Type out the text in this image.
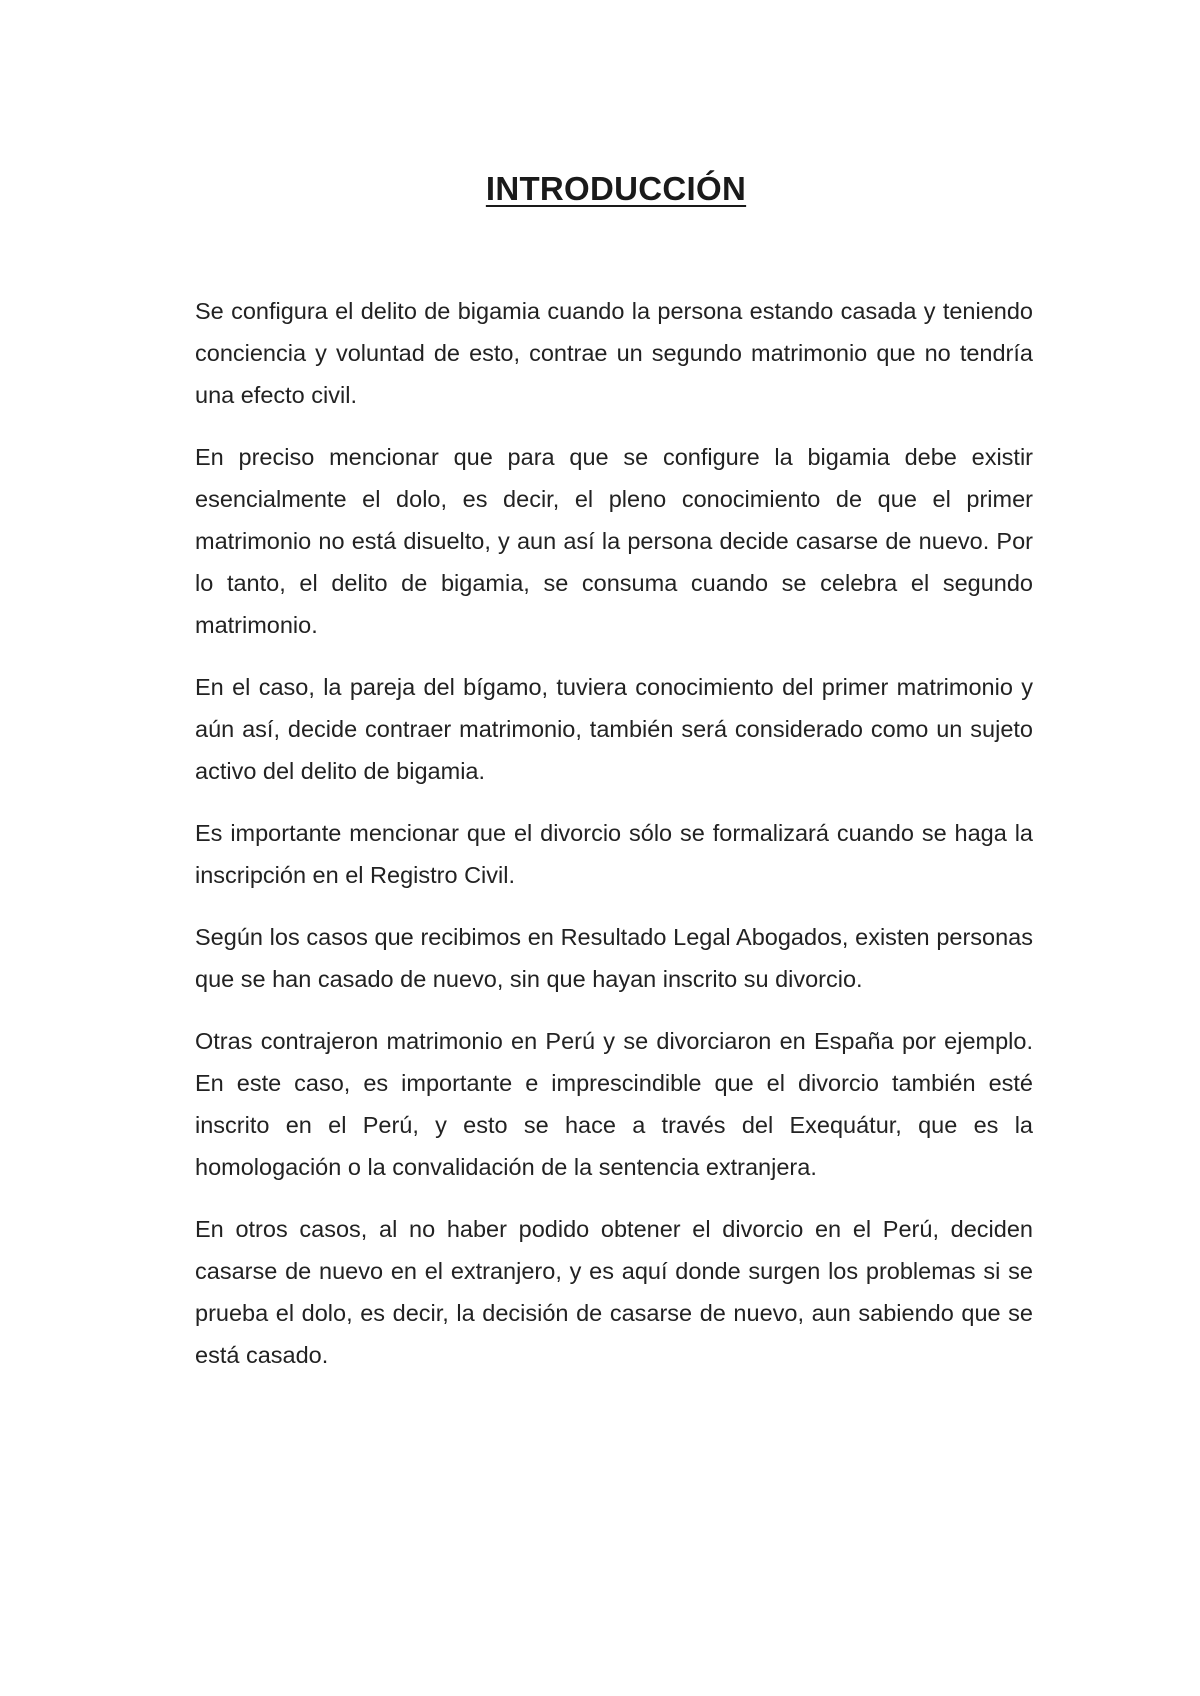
INTRODUCCIÓN

Se configura el delito de bigamia cuando la persona estando casada y teniendo conciencia y voluntad de esto, contrae un segundo matrimonio que no tendría una efecto civil.

En preciso mencionar que para que se configure la bigamia debe existir esencialmente el dolo, es decir, el pleno conocimiento de que el primer matrimonio no está disuelto, y aun así la persona decide casarse de nuevo. Por lo tanto, el delito de bigamia, se consuma cuando se celebra el segundo matrimonio.

En el caso, la pareja del bígamo, tuviera conocimiento del primer matrimonio y aún así, decide contraer matrimonio, también será considerado como un sujeto activo del delito de bigamia.

Es importante mencionar que el divorcio sólo se formalizará cuando se haga la inscripción en el Registro Civil.

Según los casos que recibimos en Resultado Legal Abogados, existen personas que se han casado de nuevo, sin que hayan inscrito su divorcio.

Otras contrajeron matrimonio en Perú y se divorciaron en España por ejemplo. En este caso, es importante e imprescindible que el divorcio también esté inscrito en el Perú, y esto se hace a través del Exequátur, que es la homologación o la convalidación de la sentencia extranjera.

En otros casos, al no haber podido obtener el divorcio en el Perú, deciden casarse de nuevo en el extranjero, y es aquí donde surgen los problemas si se prueba el dolo, es decir, la decisión de casarse de nuevo, aun sabiendo que se está casado.
